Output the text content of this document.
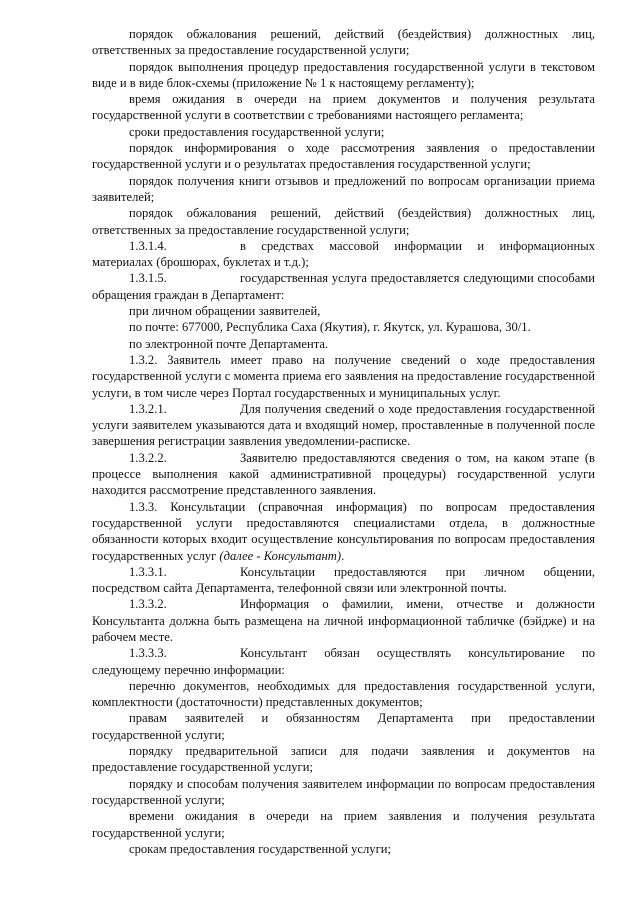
порядок обжалования решений, действий (бездействия) должностных лиц, ответственных за предоставление государственной услуги;

порядок выполнения процедур предоставления государственной услуги в текстовом виде и в виде блок-схемы (приложение № 1 к настоящему регламенту);

время ожидания в очереди на прием документов и получения результата государственной услуги в соответствии с требованиями настоящего регламента;

сроки предоставления государственной услуги;

порядок информирования о ходе рассмотрения заявления о предоставлении государственной услуги и о результатах предоставления государственной услуги;

порядок получения книги отзывов и предложений по вопросам организации приема заявителей;

порядок обжалования решений, действий (бездействия) должностных лиц, ответственных за предоставление государственной услуги;

1.3.1.4.	в средствах массовой информации и информационных материалах (брошюрах, буклетах и т.д.);

1.3.1.5.	государственная услуга предоставляется следующими способами обращения граждан в Департамент:

при личном обращении заявителей,

по почте: 677000, Республика Саха (Якутия), г. Якутск, ул. Курашова, 30/1.

по электронной почте Департамента.

1.3.2. Заявитель имеет право на получение сведений о ходе предоставления государственной услуги с момента приема его заявления на предоставление государственной услуги, в том числе через Портал государственных и муниципальных услуг.

1.3.2.1.	Для получения сведений о ходе предоставления государственной услуги заявителем указываются дата и входящий номер, проставленные в полученной после завершения регистрации заявления уведомлении-расписке.

1.3.2.2.	Заявителю предоставляются сведения о том, на каком этапе (в процессе выполнения какой административной процедуры) государственной услуги находится рассмотрение представленного заявления.

1.3.3. Консультации (справочная информация) по вопросам предоставления государственной услуги предоставляются специалистами отдела, в должностные обязанности которых входит осуществление консультирования по вопросам предоставления государственных услуг (далее - Консультант).

1.3.3.1.	Консультации предоставляются при личном общении, посредством сайта Департамента, телефонной связи или электронной почты.

1.3.3.2.	Информация о фамилии, имени, отчестве и должности Консультанта должна быть размещена на личной информационной табличке (бэйдже) и на рабочем месте.

1.3.3.3.	Консультант обязан осуществлять консультирование по следующему перечню информации:

перечню документов, необходимых для предоставления государственной услуги, комплектности (достаточности) представленных документов;

правам заявителей и обязанностям Департамента при предоставлении государственной услуги;

порядку предварительной записи для подачи заявления и документов на предоставление государственной услуги;

порядку и способам получения заявителем информации по вопросам предоставления государственной услуги;

времени ожидания в очереди на прием заявления и получения результата государственной услуги;

срокам предоставления государственной услуги;
